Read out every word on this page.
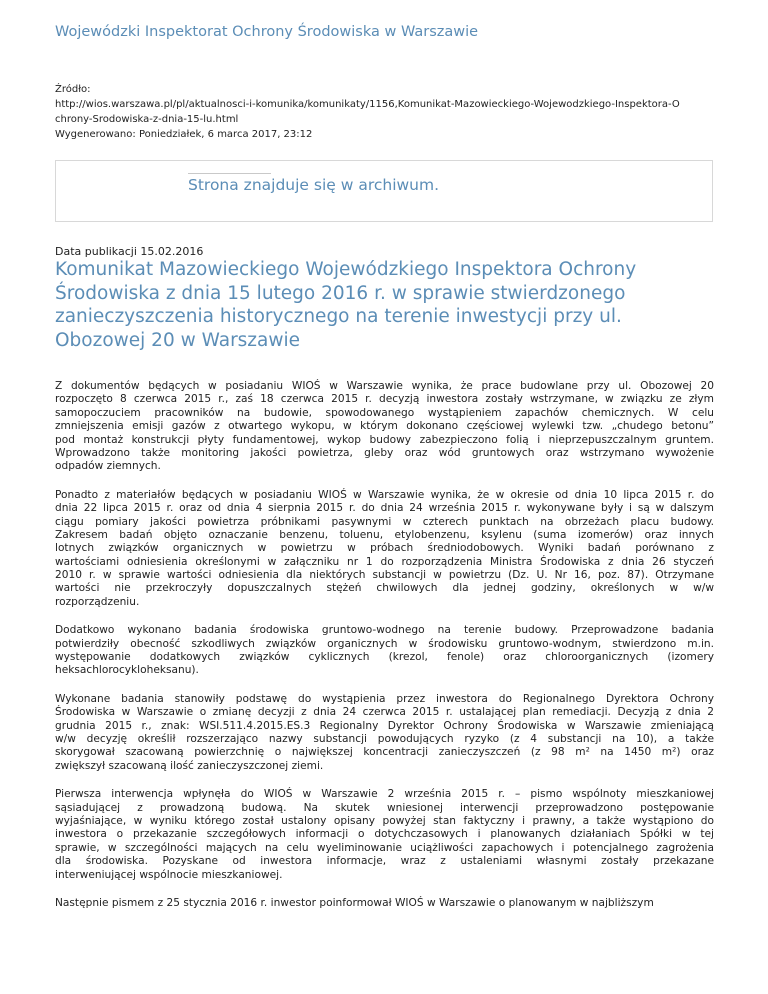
Wojewódzki Inspektorat Ochrony Środowiska w Warszawie
Źródło:
http://wios.warszawa.pl/pl/aktualnosci-i-komunika/komunikaty/1156,Komunikat-Mazowieckiego-Wojewodzkiego-Inspektora-O
chrony-Srodowiska-z-dnia-15-lu.html
Wygenerowano: Poniedziałek, 6 marca 2017, 23:12
Strona znajduje się w archiwum.
Data publikacji 15.02.2016
Komunikat Mazowieckiego Wojewódzkiego Inspektora Ochrony
Środowiska z dnia 15 lutego 2016 r. w sprawie stwierdzonego
zanieczyszczenia historycznego na terenie inwestycji przy ul.
Obozowej 20 w Warszawie
Z dokumentów będących w posiadaniu WIOŚ w Warszawie wynika, że prace budowlane przy ul. Obozowej 20
rozpoczęto 8 czerwca 2015 r., zaś 18 czerwca 2015 r. decyzją inwestora zostały wstrzymane, w związku ze złym
samopoczuciem pracowników na budowie, spowodowanego wystąpieniem zapachów chemicznych. W celu
zmniejszenia emisji gazów z otwartego wykopu, w którym dokonano częściowej wylewki tzw. „chudego betonu”
pod montaż konstrukcji płyty fundamentowej, wykop budowy zabezpieczono folią i nieprzepuszczalnym gruntem.
Wprowadzono także monitoring jakości powietrza, gleby oraz wód gruntowych oraz wstrzymano wywożenie
odpadów ziemnych.
Ponadto z materiałów będących w posiadaniu WIOŚ w Warszawie wynika, że w okresie od dnia 10 lipca 2015 r. do
dnia 22 lipca 2015 r. oraz od dnia 4 sierpnia 2015 r. do dnia 24 września 2015 r. wykonywane były i są w dalszym
ciągu pomiary jakości powietrza próbnikami pasywnymi w czterech punktach na obrzeżach placu budowy.
Zakresem badań objęto oznaczanie benzenu, toluenu, etylobenzenu, ksylenu (suma izomerów) oraz innych
lotnych związków organicznych w powietrzu w próbach średniodobowych. Wyniki badań porównano z
wartościami odniesienia określonymi w załączniku nr 1 do rozporządzenia Ministra Środowiska z dnia 26 styczeń
2010 r. w sprawie wartości odniesienia dla niektórych substancji w powietrzu (Dz. U. Nr 16, poz. 87). Otrzymane
wartości nie przekroczyły dopuszczalnych stężeń chwilowych dla jednej godziny, określonych w w/w
rozporządzeniu.
Dodatkowo wykonano badania środowiska gruntowo-wodnego na terenie budowy. Przeprowadzone badania
potwierdziły obecność szkodliwych związków organicznych w środowisku gruntowo-wodnym, stwierdzono m.in.
występowanie dodatkowych związków cyklicznych (krezol, fenole) oraz chloroorganicznych (izomery
heksachlorocykloheksanu).
Wykonane badania stanowiły podstawę do wystąpienia przez inwestora do Regionalnego Dyrektora Ochrony
Środowiska w Warszawie o zmianę decyzji z dnia 24 czerwca 2015 r. ustalającej plan remediacji. Decyzją z dnia 2
grudnia 2015 r., znak: WSI.511.4.2015.ES.3 Regionalny Dyrektor Ochrony Środowiska w Warszawie zmieniającą
w/w decyzję określił rozszerzająco nazwy substancji powodujących ryzyko (z 4 substancji na 10), a także
skorygował szacowaną powierzchnię o największej koncentracji zanieczyszczeń (z 98 m² na 1450 m²) oraz
zwiększył szacowaną ilość zanieczyszczonej ziemi.
Pierwsza interwencja wpłynęła do WIOŚ w Warszawie 2 września 2015 r. – pismo wspólnoty mieszkaniowej
sąsiadującej z prowadzoną budową. Na skutek wniesionej interwencji przeprowadzono postępowanie
wyjaśniające, w wyniku którego został ustalony opisany powyżej stan faktyczny i prawny, a także wystąpiono do
inwestora o przekazanie szczegółowych informacji o dotychczasowych i planowanych działaniach Spółki w tej
sprawie, w szczególności mających na celu wyeliminowanie uciążliwości zapachowych i potencjalnego zagrożenia
dla środowiska. Pozyskane od inwestora informacje, wraz z ustaleniami własnymi zostały przekazane
interweniującej wspólnocie mieszkaniowej.
Następnie pismem z 25 stycznia 2016 r. inwestor poinformował WIOŚ w Warszawie o planowanym w najbliższym
